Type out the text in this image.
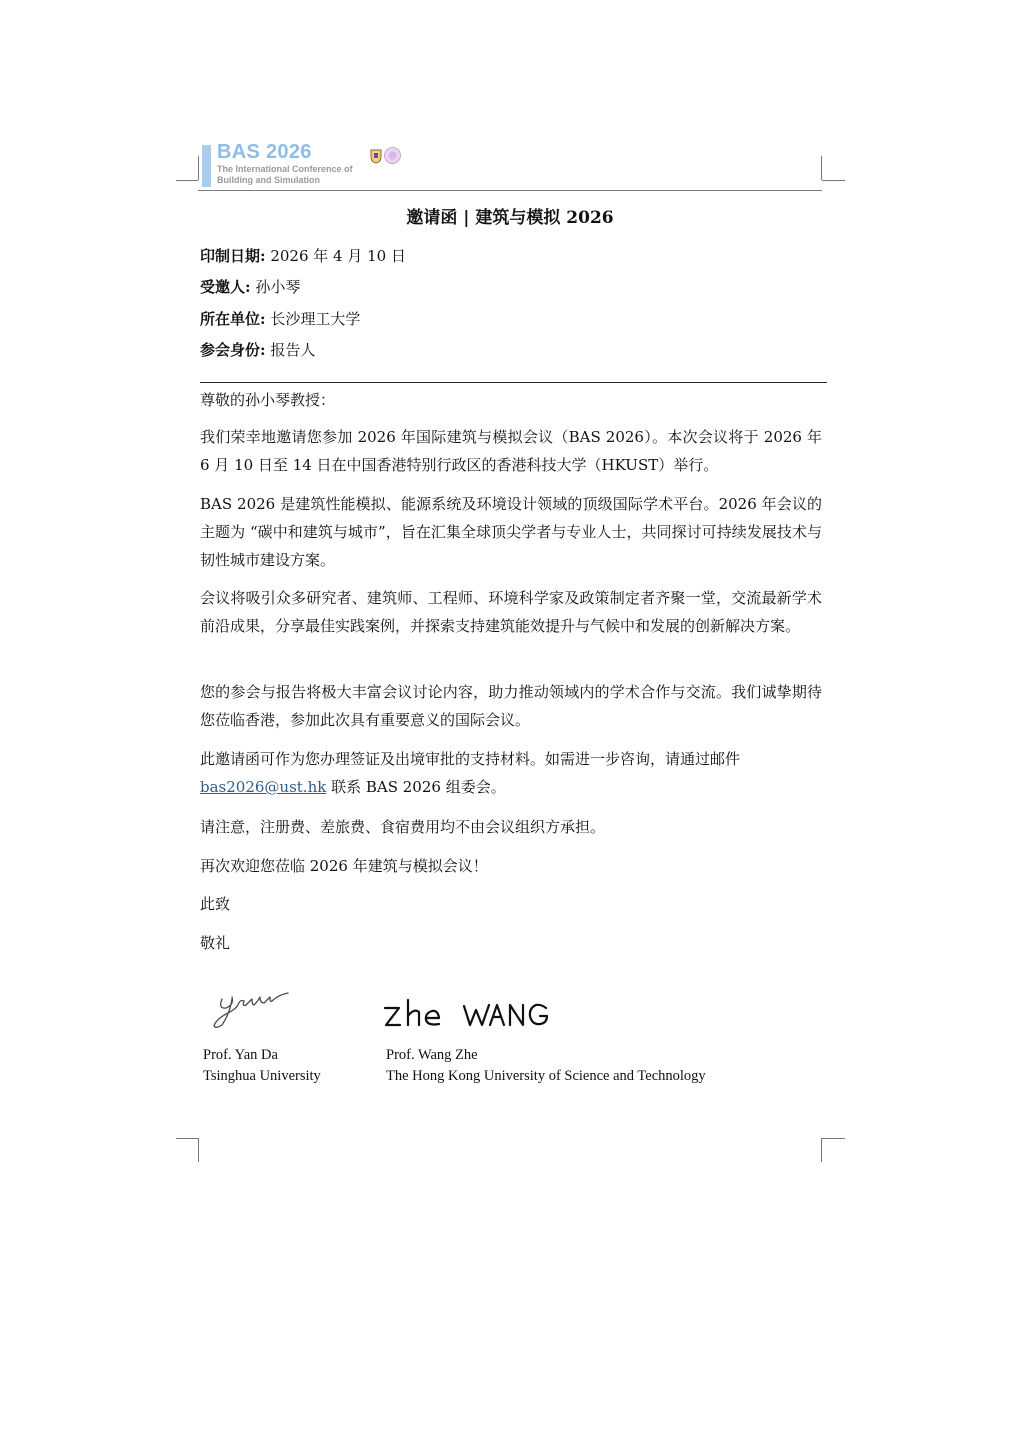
BAS 2026
The International Conference of
Building and Simulation
邀请函 | 建筑与模拟 2026
印制日期: 2026 年 4 月 10 日
受邀人: 孙小琴
所在单位: 长沙理工大学
参会身份: 报告人
尊敬的孙小琴教授：
我们荣幸地邀请您参加 2026 年国际建筑与模拟会议（BAS 2026）。本次会议将于 2026 年 6 月 10 日至 14 日在中国香港特别行政区的香港科技大学（HKUST）举行。
BAS 2026 是建筑性能模拟、能源系统及环境设计领域的顶级国际学术平台。2026 年会议的主题为 “碳中和建筑与城市”，旨在汇集全球顶尖学者与专业人士，共同探讨可持续发展技术与韧性城市建设方案。
会议将吸引众多研究者、建筑师、工程师、环境科学家及政策制定者齐聚一堂，交流最新学术前沿成果，分享最佳实践案例，并探索支持建筑能效提升与气候中和发展的创新解决方案。
您的参会与报告将极大丰富会议讨论内容，助力推动领域内的学术合作与交流。我们诚挚期待您莅临香港，参加此次具有重要意义的国际会议。
此邀请函可作为您办理签证及出境审批的支持材料。如需进一步咨询，请通过邮件
bas2026@ust.hk 联系 BAS 2026 组委会。
请注意，注册费、差旅费、食宿费用均不由会议组织方承担。
再次欢迎您莅临 2026 年建筑与模拟会议！
此致
敬礼
Prof. Yan Da
Tsinghua University
Prof. Wang Zhe
The Hong Kong University of Science and Technology
